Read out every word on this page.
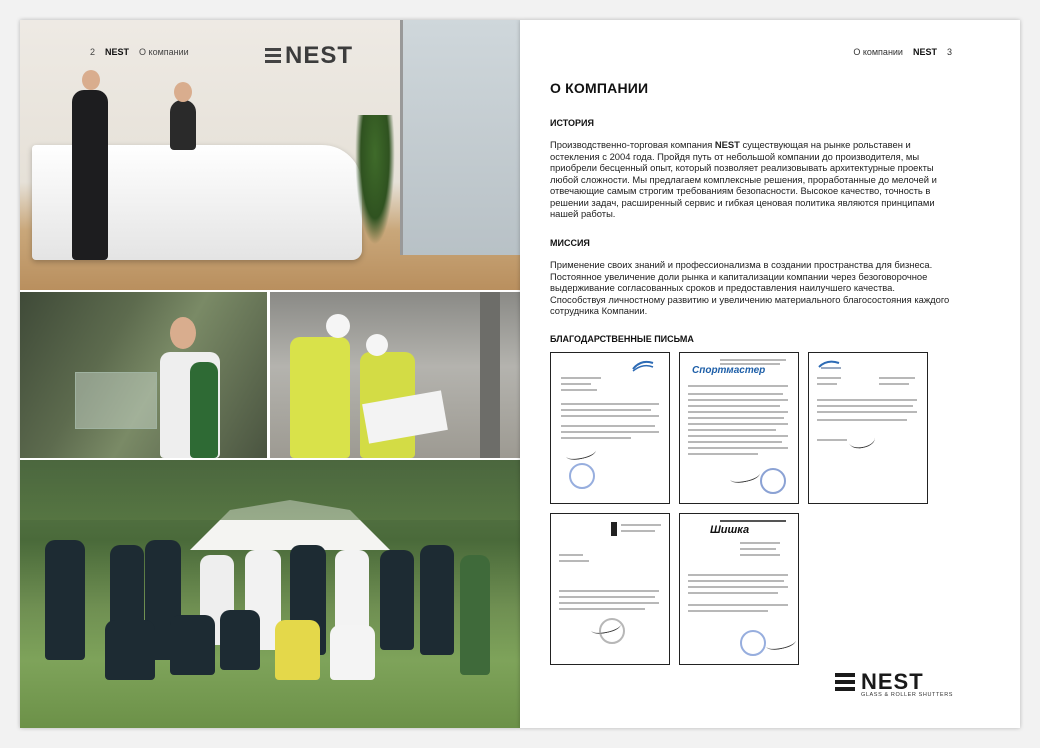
NEST
2 NEST О компании	О компании NEST 3
О КОМПАНИИ
ИСТОРИЯ

Производственно-торговая компания NEST существующая на рынке рольставен и остекления с 2004 года. Пройдя путь от небольшой компании до производителя, мы приобрели бесценный опыт, который позволяет реализовывать архитектурные проекты любой сложности. Мы предлагаем комплексные решения, проработанные до мелочей и отвечающие самым строгим требованиям безопасности. Высокое качество, точность в решении задач, расширенный сервис и гибкая ценовая политика являются принципами нашей работы.

МИССИЯ

Применение своих знаний и профессионализма в создании пространства для бизнеса. Постоянное увеличение доли рынка и капитализации компании через безоговорочное выдерживание согласованных сроков и предоставления наилучшего качества. Способствуя личностному развитию и увеличению материального благосостояния каждого сотрудника Компании.

БЛАГОДАРСТВЕННЫЕ ПИСЬМА
Спортмастер
Шишка
NEST
GLASS & ROLLER SHUTTERS
